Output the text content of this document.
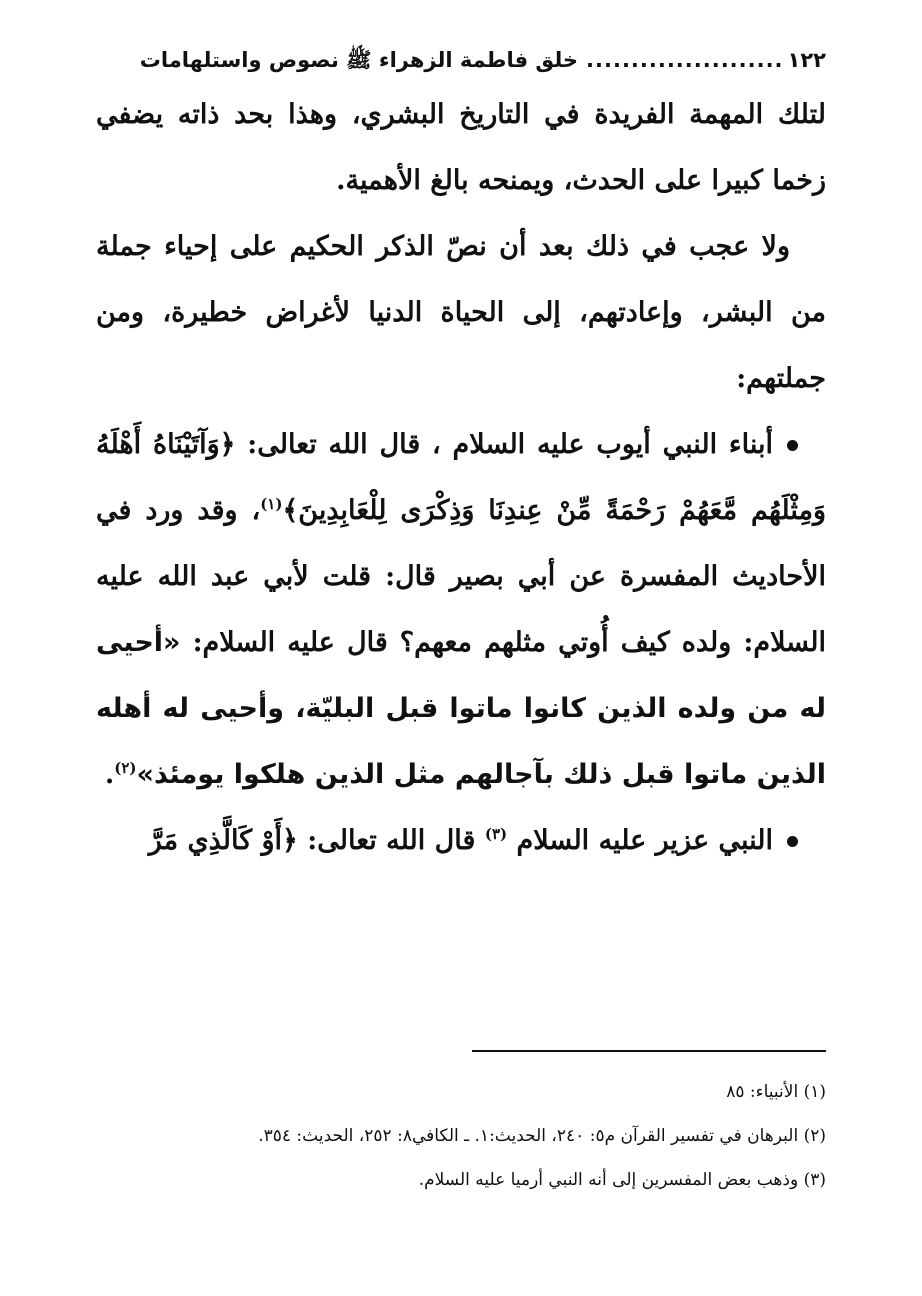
١٢٢
......................
خلق فاطمة الزهراء ﷺ نصوص واستلهامات

لتلك المهمة الفريدة في التاريخ البشري، وهذا بحد ذاته يضفي زخما كبيرا على الحدث، ويمنحه بالغ الأهمية.

ولا عجب في ذلك بعد أن نصّ الذكر الحكيم على إحياء جملة من البشر، وإعادتهم، إلى الحياة الدنيا لأغراض خطيرة، ومن جملتهم:

أبناء النبي أيوب عليه السلام ، قال الله تعالى: ﴿وَآتَيْنَاهُ أَهْلَهُ وَمِثْلَهُم مَّعَهُمْ رَحْمَةً مِّنْ عِندِنَا وَذِكْرَى لِلْعَابِدِينَ﴾$^{(١)}$، وقد ورد في الأحاديث المفسرة عن أبي بصير قال: قلت لأبي عبد الله عليه السلام: ولده كيف أُوتي مثلهم معهم؟ قال عليه السلام: «أحيى له من ولده الذين كانوا ماتوا قبل البليّة، وأحيى له أهله الذين ماتوا قبل ذلك بآجالهم مثل الذين هلكوا يومئذ»$^{(٢)}$.

النبي عزير عليه السلام $^{(٣)}$ قال الله تعالى: ﴿أَوْ كَالَّذِي مَرَّ

(١) الأنبياء: ٨٥
(٢) البرهان في تفسير القرآن م٥: ٢٤٠، الحديث:١. ـ الكافي٨: ٢٥٢، الحديث: ٣٥٤.
(٣) وذهب بعض المفسرين إلى أنه النبي أرميا عليه السلام.
